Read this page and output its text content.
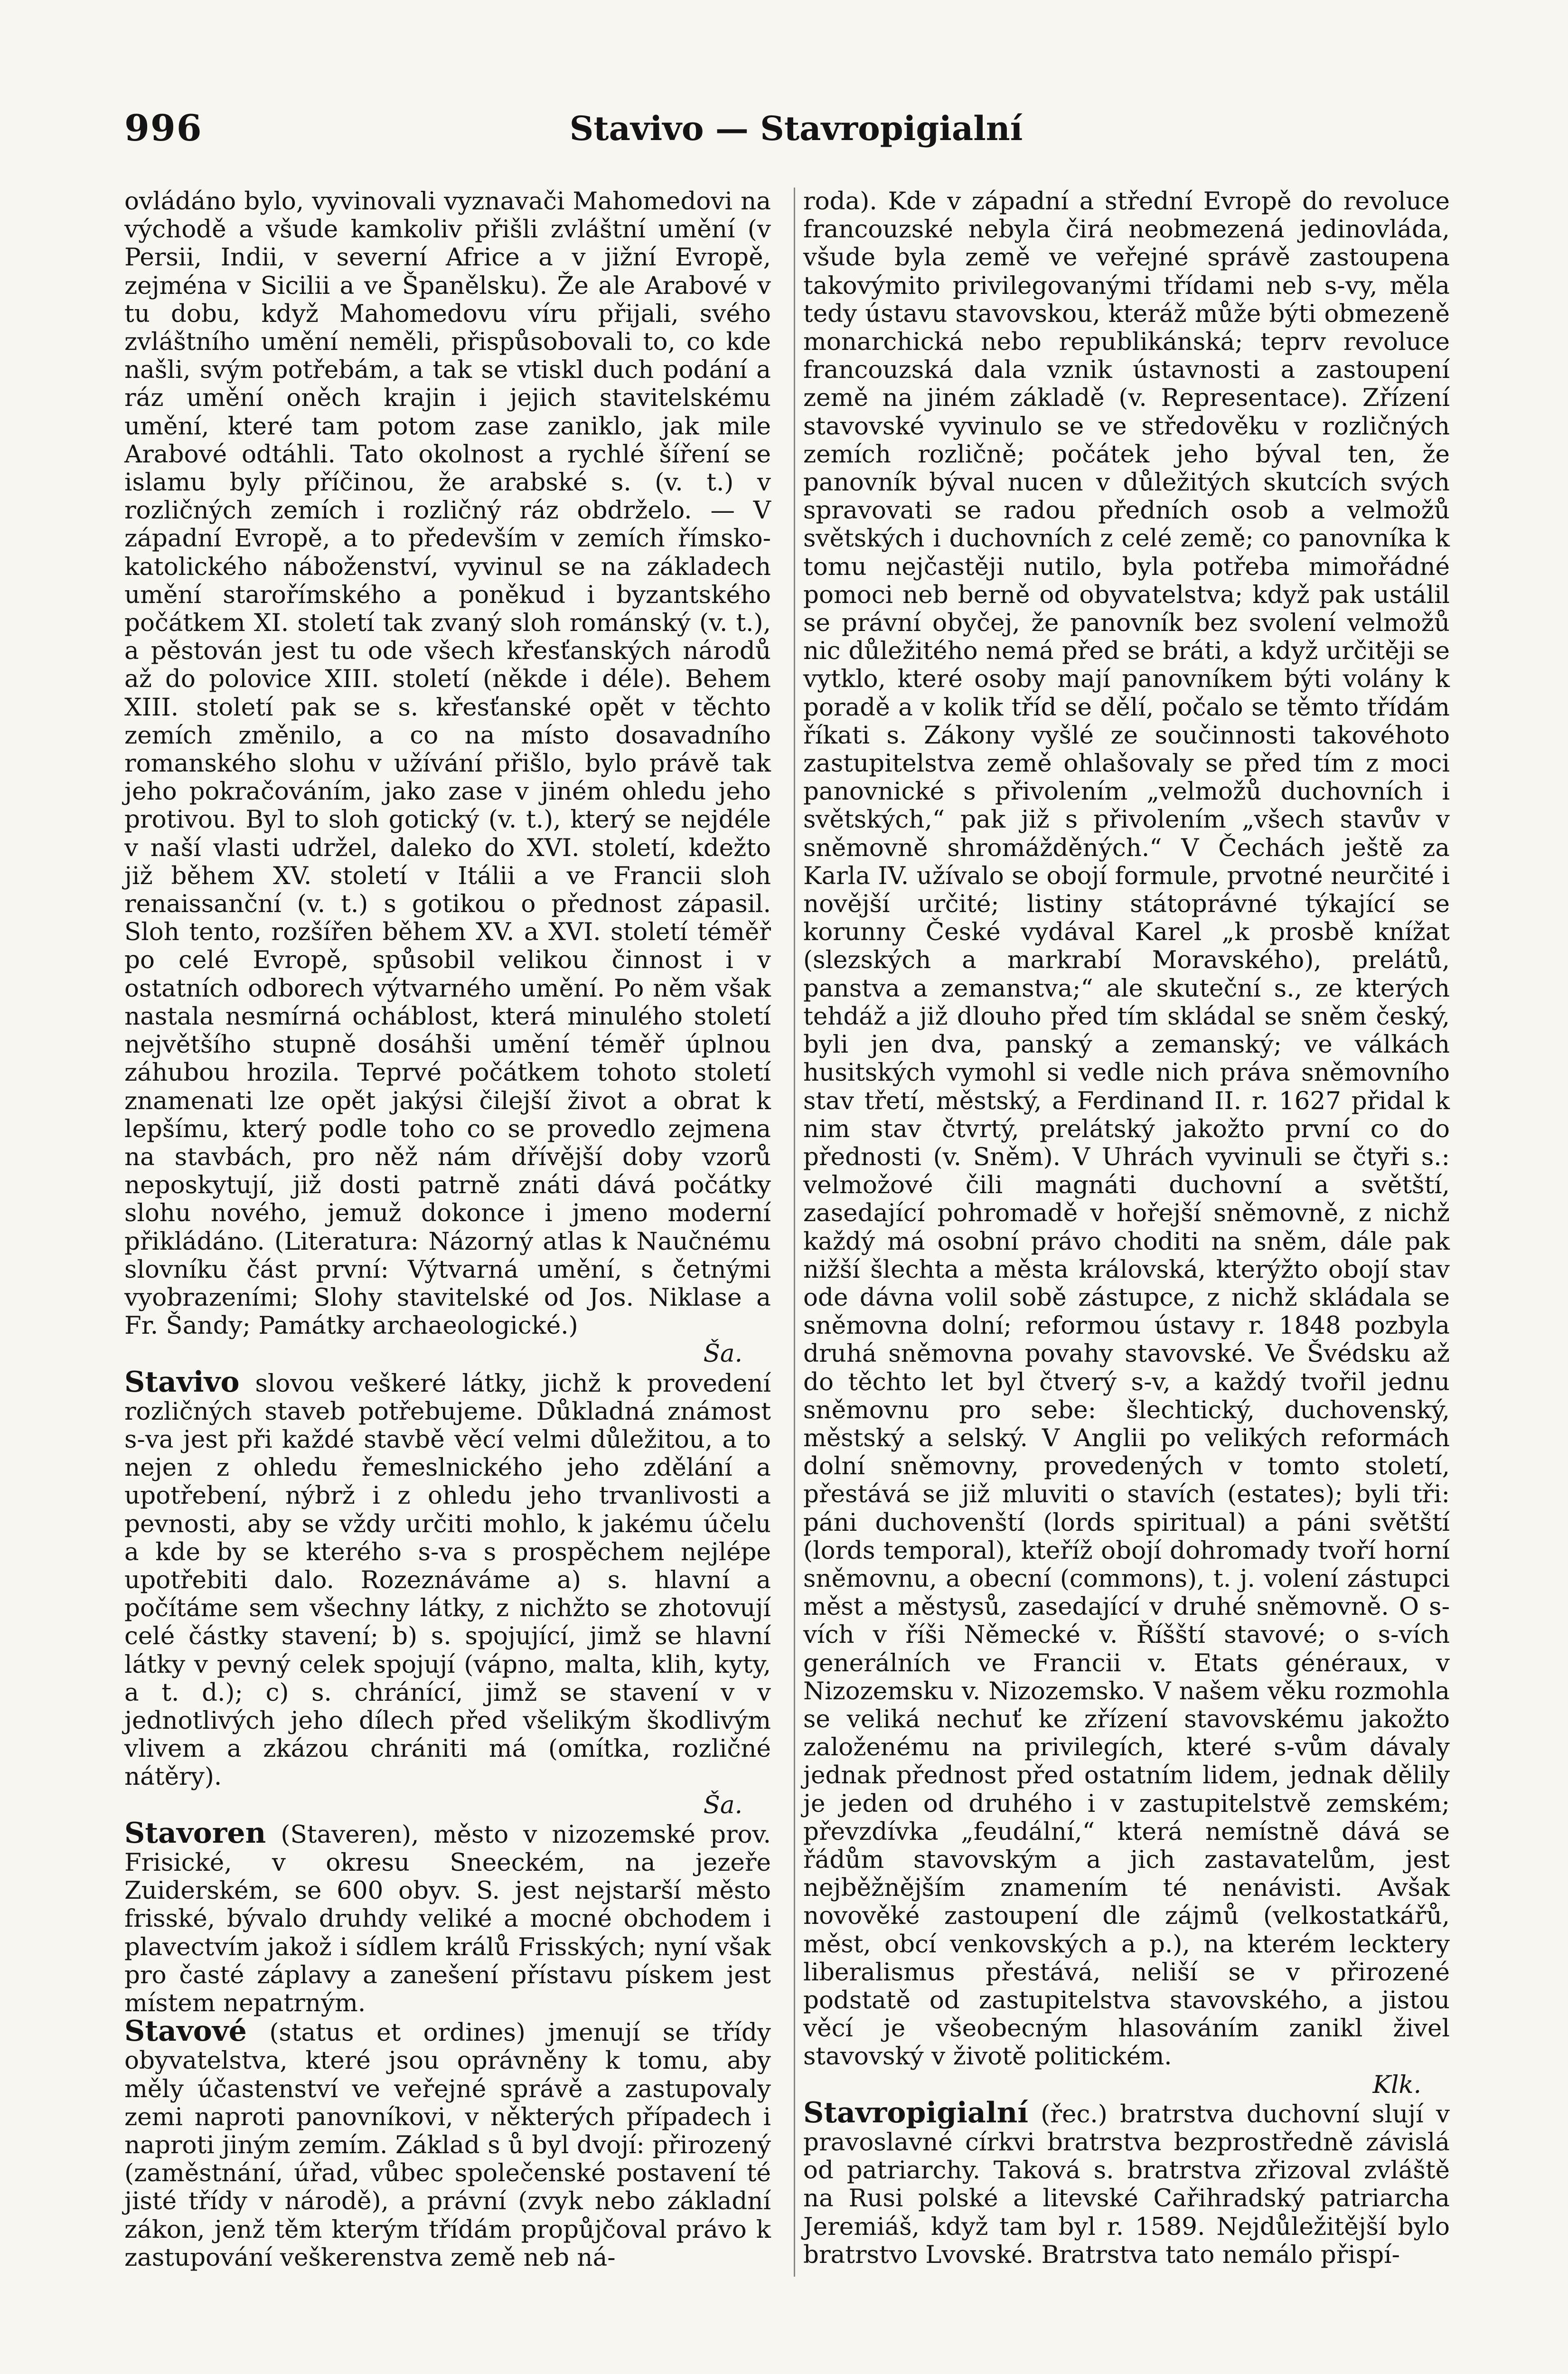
996	Stavivo — Stavropigialní

ovládáno bylo, vyvinovali vyznavači Mahomedovi na východě a všude kamkoliv přišli zvláštní umění (v Persii, Indii, v severní Africe a v jižní Evropě, zejména v Sicilii a ve Španělsku). Že ale Arabové v tu dobu, když Mahomedovu víru přijali, svého zvláštního umění neměli, přispůsobovali to, co kde našli, svým potřebám, a tak se vtiskl duch podání a ráz umění oněch krajin i jejich stavitelskému umění, které tam potom zase zaniklo, jak mile Arabové odtáhli. Tato okolnost a rychlé šíření se islamu byly příčinou, že arabské s. (v. t.) v rozličných zemích i rozličný ráz obdrželo. — V západní Evropě, a to především v zemích římsko-katolického náboženství, vyvinul se na základech umění starořímského a poněkud i byzantského počátkem XI. století tak zvaný sloh románský (v. t.), a pěstován jest tu ode všech křesťanských národů až do polovice XIII. století (někde i déle). Behem XIII. století pak se s. křesťanské opět v těchto zemích změnilo, a co na místo dosavadního romanského slohu v užívání přišlo, bylo právě tak jeho pokračováním, jako zase v jiném ohledu jeho protivou. Byl to sloh gotický (v. t.), který se nejdéle v naší vlasti udržel, daleko do XVI. století, kdežto již během XV. století v Itálii a ve Francii sloh renaissanční (v. t.) s gotikou o přednost zápasil. Sloh tento, rozšířen během XV. a XVI. století téměř po celé Evropě, spůsobil velikou činnost i v ostatních odborech výtvarného umění. Po něm však nastala nesmírná ocháblost, která minulého století největšího stupně dosáhši umění téměř úplnou záhubou hrozila. Teprvé počátkem tohoto století znamenati lze opět jakýsi čilejší život a obrat k lepšímu, který podle toho co se provedlo zejmena na stavbách, pro něž nám dřívější doby vzorů neposkytují, již dosti patrně znáti dává počátky slohu nového, jemuž dokonce i jmeno moderní přikládáno. (Literatura: Názorný atlas k Naučnému slovníku část první: Výtvarná umění, s četnými vyobrazeními; Slohy stavitelské od Jos. Niklase a Fr. Šandy; Památky archaeologické.)
Ša.

Stavivo slovou veškeré látky, jichž k provedení rozličných staveb potřebujeme. Důkladná známost s-va jest při každé stavbě věcí velmi důležitou, a to nejen z ohledu řemeslnického jeho zdělání a upotřebení, nýbrž i z ohledu jeho trvanlivosti a pevnosti, aby se vždy určiti mohlo, k jakému účelu a kde by se kterého s-va s prospěchem nejlépe upotřebiti dalo. Rozeznáváme a) s. hlavní a počítáme sem všechny látky, z nichžto se zhotovují celé částky stavení; b) s. spojující, jimž se hlavní látky v pevný celek spojují (vápno, malta, klih, kyty, a t. d.); c) s. chránící, jimž se stavení v v jednotlivých jeho dílech před všelikým škodlivým vlivem a zkázou chrániti má (omítka, rozličné nátěry).
Ša.

Stavoren (Staveren), město v nizozemské prov. Frisické, v okresu Sneeckém, na jezeře Zuiderském, se 600 obyv. S. jest nejstarší město frisské, bývalo druhdy veliké a mocné obchodem i plavectvím jakož i sídlem králů Frisských; nyní však pro časté záplavy a zanešení přístavu pískem jest místem nepatrným.

Stavové (status et ordines) jmenují se třídy obyvatelstva, které jsou oprávněny k tomu, aby měly účastenství ve veřejné správě a zastupovaly zemi naproti panovníkovi, v některých případech i naproti jiným zemím. Základ s ů byl dvojí: přirozený (zaměstnání, úřad, vůbec společenské postavení té jisté třídy v národě), a právní (zvyk nebo základní zákon, jenž těm kterým třídám propůjčoval právo k zastupování veškerenstva země neb ná-

roda). Kde v západní a střední Evropě do revoluce francouzské nebyla čirá neobmezená jedinovláda, všude byla země ve veřejné správě zastoupena takovýmito privilegovanými třídami neb s-vy, měla tedy ústavu stavovskou, kteráž může býti obmezeně monarchická nebo republikánská; teprv revoluce francouzská dala vznik ústavnosti a zastoupení země na jiném základě (v. Representace). Zřízení stavovské vyvinulo se ve středověku v rozličných zemích rozličně; počátek jeho býval ten, že panovník býval nucen v důležitých skutcích svých spravovati se radou předních osob a velmožů světských i duchovních z celé země; co panovníka k tomu nejčastěji nutilo, byla potřeba mimořádné pomoci neb berně od obyvatelstva; když pak ustálil se právní obyčej, že panovník bez svolení velmožů nic důležitého nemá před se bráti, a když určitěji se vytklo, které osoby mají panovníkem býti volány k poradě a v kolik tříd se dělí, počalo se těmto třídám říkati s. Zákony vyšlé ze součinnosti takovéhoto zastupitelstva země ohlašovaly se před tím z moci panovnické s přivolením „velmožů duchovních i světských,“ pak již s přivolením „všech stavův v sněmovně shromážděných.“ V Čechách ještě za Karla IV. užívalo se obojí formule, prvotné neurčité i novější určité; listiny státoprávné týkající se korunny České vydával Karel „k prosbě knížat (slezských a markrabí Moravského), prelátů, panstva a zemanstva;“ ale skuteční s., ze kterých tehdáž a již dlouho před tím skládal se sněm český, byli jen dva, panský a zemanský; ve válkách husitských vymohl si vedle nich práva sněmovního stav třetí, městský, a Ferdinand II. r. 1627 přidal k nim stav čtvrtý, prelátský jakožto první co do přednosti (v. Sněm). V Uhrách vyvinuli se čtyři s.: velmožové čili magnáti duchovní a světští, zasedající pohromadě v hořejší sněmovně, z nichž každý má osobní právo choditi na sněm, dále pak nižší šlechta a města královská, kterýžto obojí stav ode dávna volil sobě zástupce, z nichž skládala se sněmovna dolní; reformou ústavy r. 1848 pozbyla druhá sněmovna povahy stavovské. Ve Švédsku až do těchto let byl čtverý s-v, a každý tvořil jednu sněmovnu pro sebe: šlechtický, duchovenský, městský a selský. V Anglii po velikých reformách dolní sněmovny, provedených v tomto století, přestává se již mluviti o stavích (estates); byli tři: páni duchovenští (lords spiritual) a páni světští (lords temporal), kteříž obojí dohromady tvoří horní sněmovnu, a obecní (commons), t. j. volení zástupci měst a městysů, zasedající v druhé sněmovně. O s-vích v říši Německé v. Říšští stavové; o s-vích generálních ve Francii v. Etats généraux, v Nizozemsku v. Nizozemsko. V našem věku rozmohla se veliká nechuť ke zřízení stavovskému jakožto založenému na privilegích, které s-vům dávaly jednak přednost před ostatním lidem, jednak dělily je jeden od druhého i v zastupitelstvě zemském; převzdívka „feudální,“ která nemístně dává se řádům stavovským a jich zastavatelům, jest nejběžnějším znamením té nenávisti. Avšak novověké zastoupení dle zájmů (velkostatkářů, měst, obcí venkovských a p.), na kterém lecktery liberalismus přestává, neliší se v přirozené podstatě od zastupitelstva stavovského, a jistou věcí je všeobecným hlasováním zanikl živel stavovský v životě politickém.
Klk.

Stavropigialní (řec.) bratrstva duchovní slují v pravoslavné církvi bratrstva bezprostředně závislá od patriarchy. Taková s. bratrstva zřizoval zvláště na Rusi polské a litevské Cařihradský patriarcha Jeremiáš, když tam byl r. 1589. Nejdůležitější bylo bratrstvo Lvovské. Bratrstva tato nemálo přispí-
